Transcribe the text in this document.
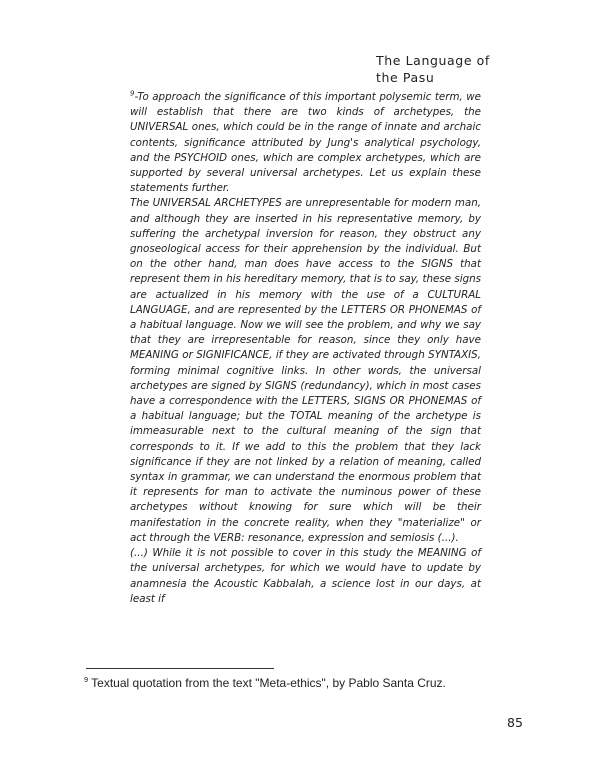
The Language of
the Pasu

$^9$-To approach the significance of this important polysemic term, we will establish that there are two kinds of archetypes, the UNIVERSAL ones, which could be in the range of innate and archaic contents, significance attributed by Jung's analytical psychology, and the PSYCHOID ones, which are complex archetypes, which are supported by several universal archetypes. Let us explain these statements further.

The UNIVERSAL ARCHETYPES are unrepresentable for modern man, and although they are inserted in his representative memory, by suffering the archetypal inversion for reason, they obstruct any gnoseological access for their apprehension by the individual. But on the other hand, man does have access to the SIGNS that represent them in his hereditary memory, that is to say, these signs are actualized in his memory with the use of a CULTURAL LANGUAGE, and are represented by the LETTERS OR PHONEMAS of a habitual language. Now we will see the problem, and why we say that they are irrepresentable for reason, since they only have MEANING or SIGNIFICANCE, if they are activated through SYNTAXIS, forming minimal cognitive links. In other words, the universal archetypes are signed by SIGNS (redundancy), which in most cases have a correspondence with the LETTERS, SIGNS OR PHONEMAS of a habitual language; but the TOTAL meaning of the archetype is immeasurable next to the cultural meaning of the sign that corresponds to it. If we add to this the problem that they lack significance if they are not linked by a relation of meaning, called syntax in grammar, we can understand the enormous problem that it represents for man to activate the numinous power of these archetypes without knowing for sure which will be their manifestation in the concrete reality, when they "materialize" or act through the VERB: resonance, expression and semiosis (...).

(...) While it is not possible to cover in this study the MEANING of the universal archetypes, for which we would have to update by anamnesia the Acoustic Kabbalah, a science lost in our days, at least if

$^9$ Textual quotation from the text "Meta-ethics", by Pablo Santa Cruz.
85
